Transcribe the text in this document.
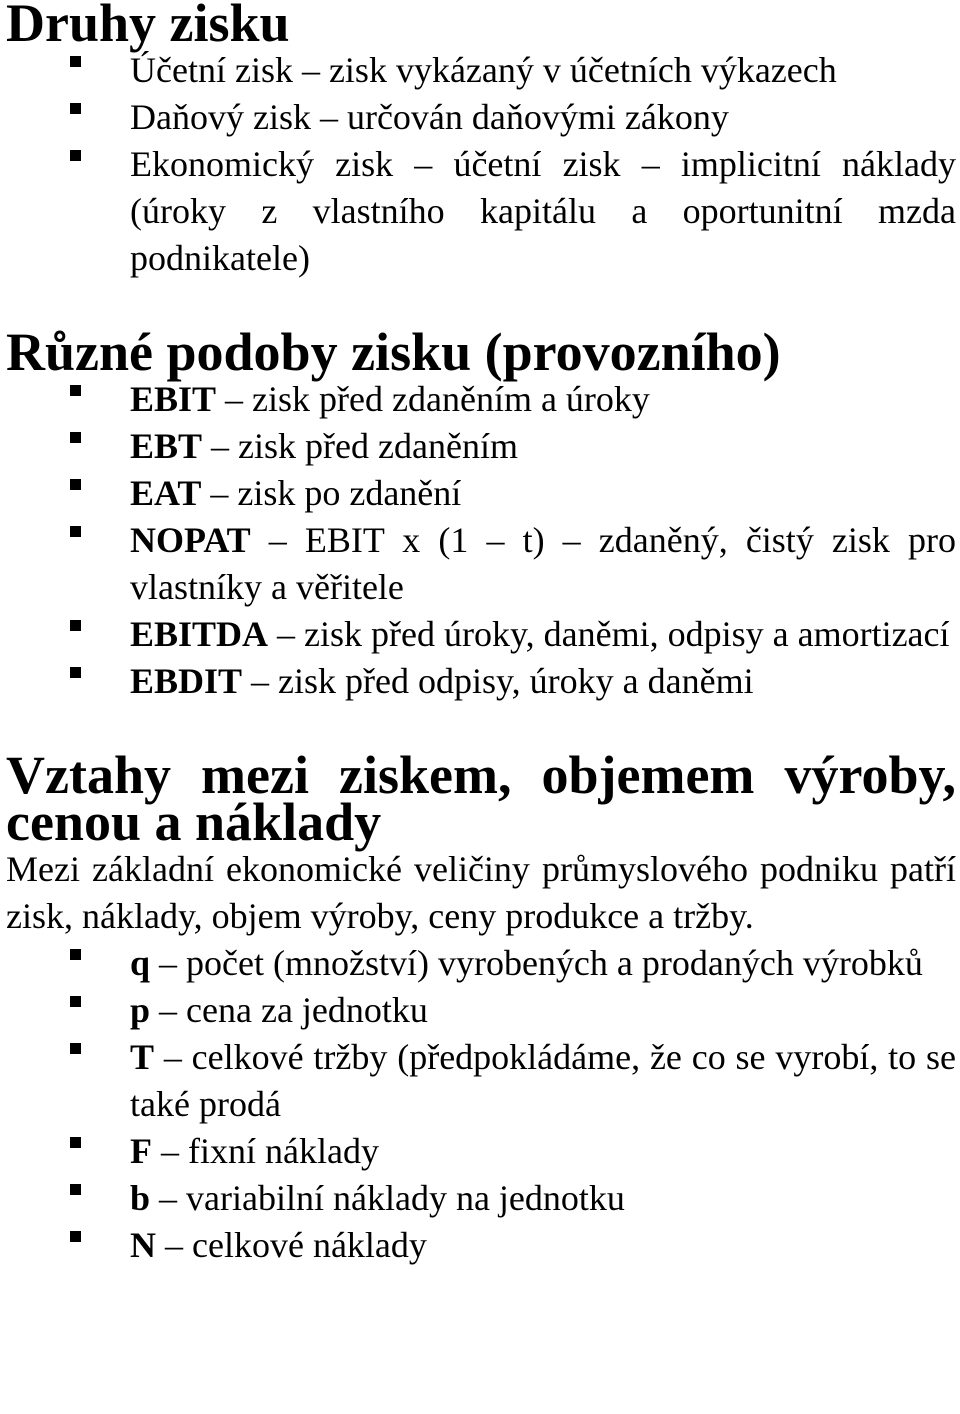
Druhy zisku
Účetní zisk – zisk vykázaný v účetních výkazech
Daňový zisk – určován daňovými zákony
Ekonomický zisk – účetní zisk – implicitní náklady (úroky z vlastního kapitálu a oportunitní mzda podnikatele)
Různé podoby zisku (provozního)
EBIT – zisk před zdaněním a úroky
EBT – zisk před zdaněním
EAT – zisk po zdanění
NOPAT – EBIT x (1 – t) – zdaněný, čistý zisk pro vlastníky a věřitele
EBITDA – zisk před úroky, daněmi, odpisy a amortizací
EBDIT – zisk před odpisy, úroky a daněmi
Vztahy mezi ziskem, objemem výroby, cenou a náklady

Mezi základní ekonomické veličiny průmyslového podniku patří zisk, náklady, objem výroby, ceny produkce a tržby.

q – počet (množství) vyrobených a prodaných výrobků
p – cena za jednotku
T – celkové tržby (předpokládáme, že co se vyrobí, to se také prodá
F – fixní náklady
b – variabilní náklady na jednotku
N – celkové náklady
